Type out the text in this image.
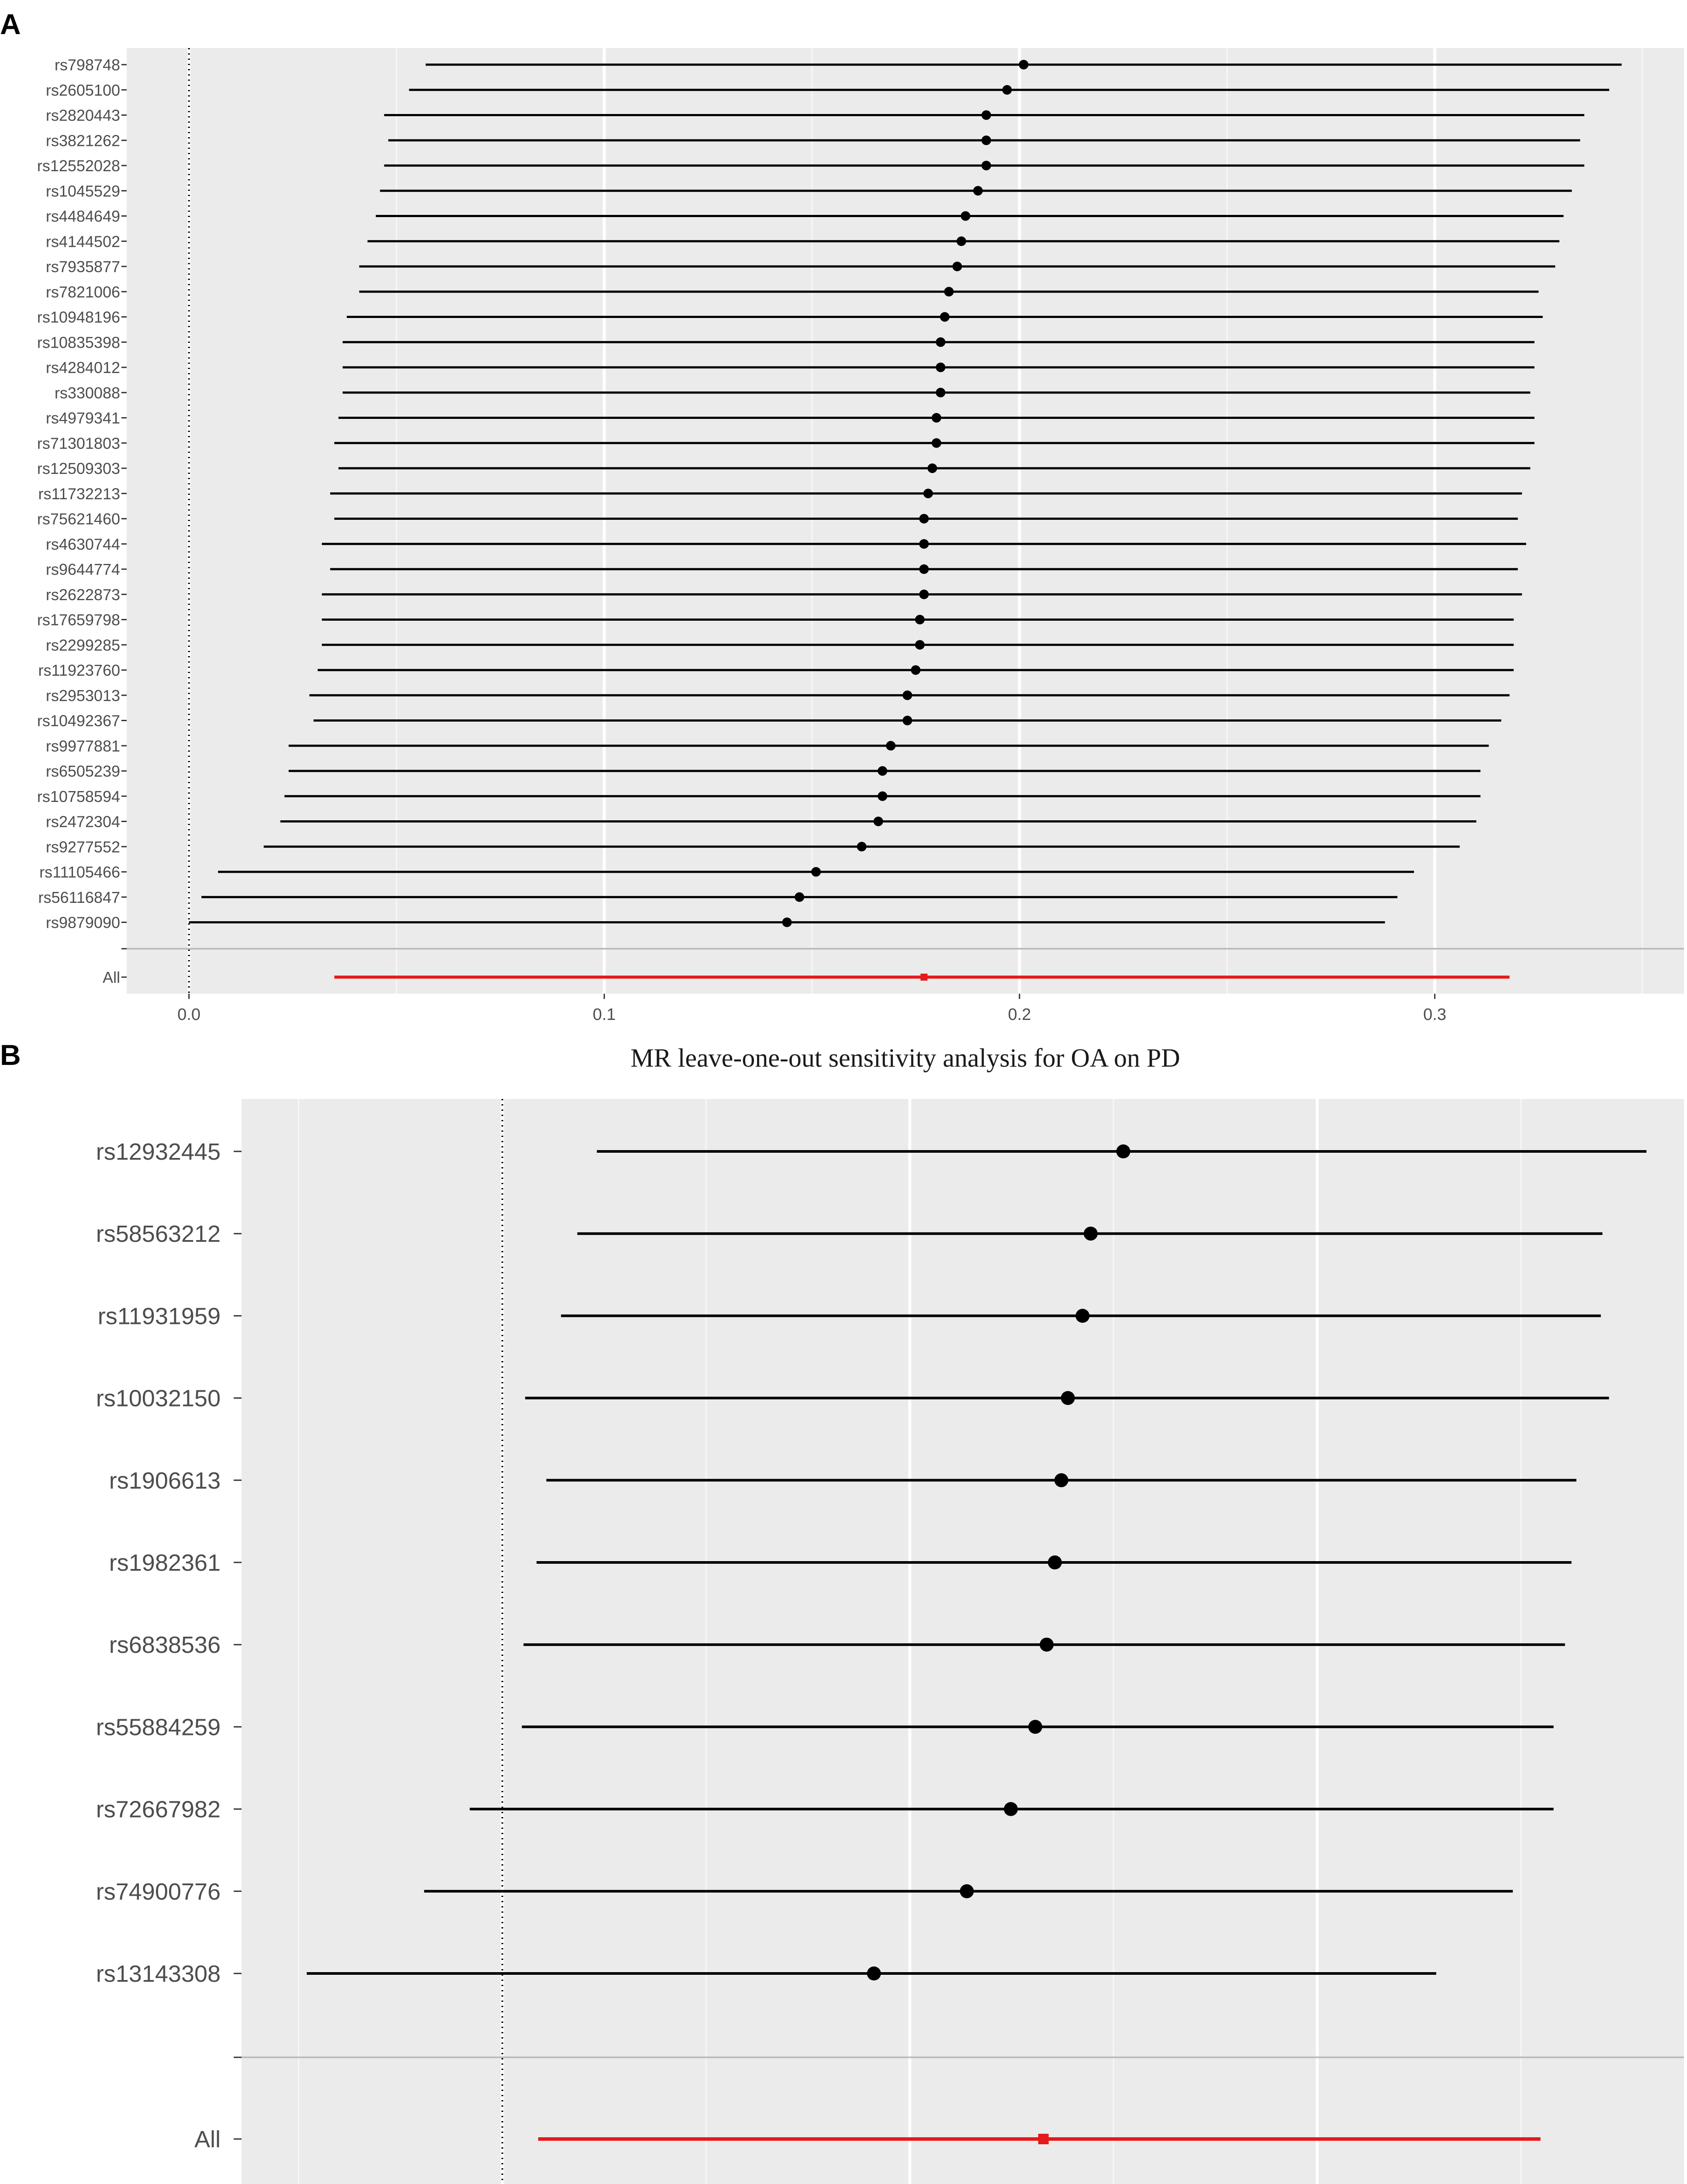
A
rs798748
rs2605100
rs2820443
rs3821262
rs12552028
rs1045529
rs4484649
rs4144502
rs7935877
rs7821006
rs10948196
rs10835398
rs4284012
rs330088
rs4979341
rs71301803
rs12509303
rs11732213
rs75621460
rs4630744
rs9644774
rs2622873
rs17659798
rs2299285
rs11923760
rs2953013
rs10492367
rs9977881
rs6505239
rs10758594
rs2472304
rs9277552
rs11105466
rs56116847
rs9879090
All
0.0	0.1	0.2	0.3
MR leave-one-out sensitivity analysis for OA on PD
B
rs12932445
rs58563212
rs11931959
rs10032150
rs1906613
rs1982361
rs6838536
rs55884259
rs72667982
rs74900776
rs13143308
All
